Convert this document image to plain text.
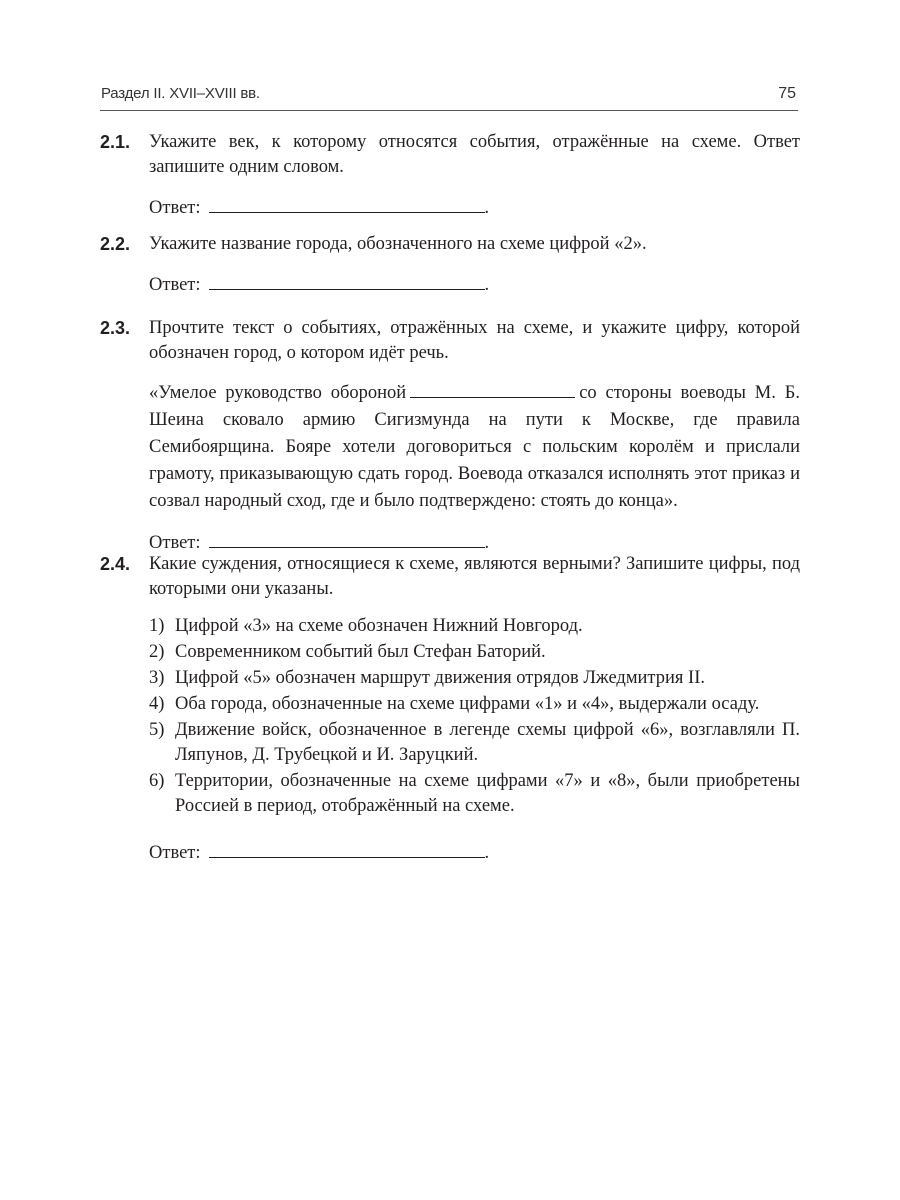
Раздел II. XVII–XVIII вв.	75
2.1. Укажите век, к которому относятся события, отражённые на схеме. Ответ запишите одним словом.
Ответ:	.
2.2. Укажите название города, обозначенного на схеме цифрой «2».
Ответ:	.
2.3. Прочтите текст о событиях, отражённых на схеме, и укажите цифру, которой обозначен город, о котором идёт речь.
«Умелое руководство обороной	со стороны воеводы М. Б. Шеина сковало армию Сигизмунда на пути к Москве, где правила Семибоярщина. Бояре хотели договориться с польским королём и прислали грамоту, приказывающую сдать город. Воевода отказался исполнять этот приказ и созвал народный сход, где и было подтверждено: стоять до конца».
Ответ:	.
2.4. Какие суждения, относящиеся к схеме, являются верными? Запишите цифры, под которыми они указаны.
1) Цифрой «3» на схеме обозначен Нижний Новгород.
2) Современником событий был Стефан Баторий.
3) Цифрой «5» обозначен маршрут движения отрядов Лжедмитрия II.
4) Оба города, обозначенные на схеме цифрами «1» и «4», выдержали осаду.
5) Движение войск, обозначенное в легенде схемы цифрой «6», возглавляли П. Ляпунов, Д. Трубецкой и И. Заруцкий.
6) Территории, обозначенные на схеме цифрами «7» и «8», были приобретены Россией в период, отображённый на схеме.
Ответ:	.
